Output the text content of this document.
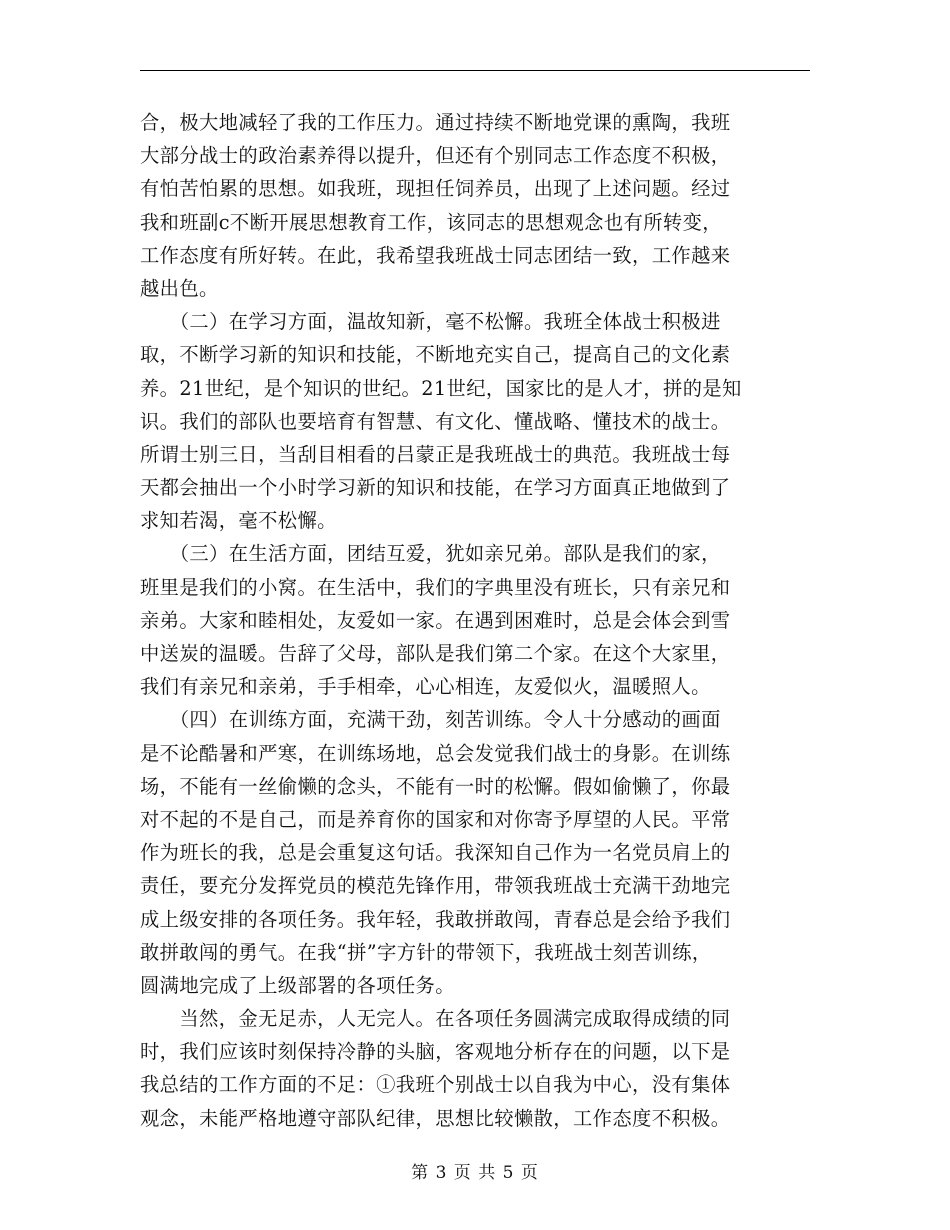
合，极大地减轻了我的工作压力。通过持续不断地党课的熏陶，我班
大部分战士的政治素养得以提升，但还有个别同志工作态度不积极，
有怕苦怕累的思想。如我班，现担任饲养员，出现了上述问题。经过
我和班副c不断开展思想教育工作，该同志的思想观念也有所转变，
工作态度有所好转。在此，我希望我班战士同志团结一致，工作越来
越出色。
　　（二）在学习方面，温故知新，毫不松懈。我班全体战士积极进
取，不断学习新的知识和技能，不断地充实自己，提高自己的文化素
养。21世纪，是个知识的世纪。21世纪，国家比的是人才，拼的是知
识。我们的部队也要培育有智慧、有文化、懂战略、懂技术的战士。
所谓士别三日，当刮目相看的吕蒙正是我班战士的典范。我班战士每
天都会抽出一个小时学习新的知识和技能，在学习方面真正地做到了
求知若渴，毫不松懈。
　　（三）在生活方面，团结互爱，犹如亲兄弟。部队是我们的家，
班里是我们的小窝。在生活中，我们的字典里没有班长，只有亲兄和
亲弟。大家和睦相处，友爱如一家。在遇到困难时，总是会体会到雪
中送炭的温暖。告辞了父母，部队是我们第二个家。在这个大家里，
我们有亲兄和亲弟，手手相牵，心心相连，友爱似火，温暖照人。
　　（四）在训练方面，充满干劲，刻苦训练。令人十分感动的画面
是不论酷暑和严寒，在训练场地，总会发觉我们战士的身影。在训练
场，不能有一丝偷懒的念头，不能有一时的松懈。假如偷懒了，你最
对不起的不是自己，而是养育你的国家和对你寄予厚望的人民。平常
作为班长的我，总是会重复这句话。我深知自己作为一名党员肩上的
责任，要充分发挥党员的模范先锋作用，带领我班战士充满干劲地完
成上级安排的各项任务。我年轻，我敢拼敢闯，青春总是会给予我们
敢拼敢闯的勇气。在我“拼”字方针的带领下，我班战士刻苦训练，
圆满地完成了上级部署的各项任务。
　　当然，金无足赤，人无完人。在各项任务圆满完成取得成绩的同
时，我们应该时刻保持冷静的头脑，客观地分析存在的问题，以下是
我总结的工作方面的不足：①我班个别战士以自我为中心，没有集体
观念，未能严格地遵守部队纪律，思想比较懒散，工作态度不积极。
第 3 页 共 5 页
